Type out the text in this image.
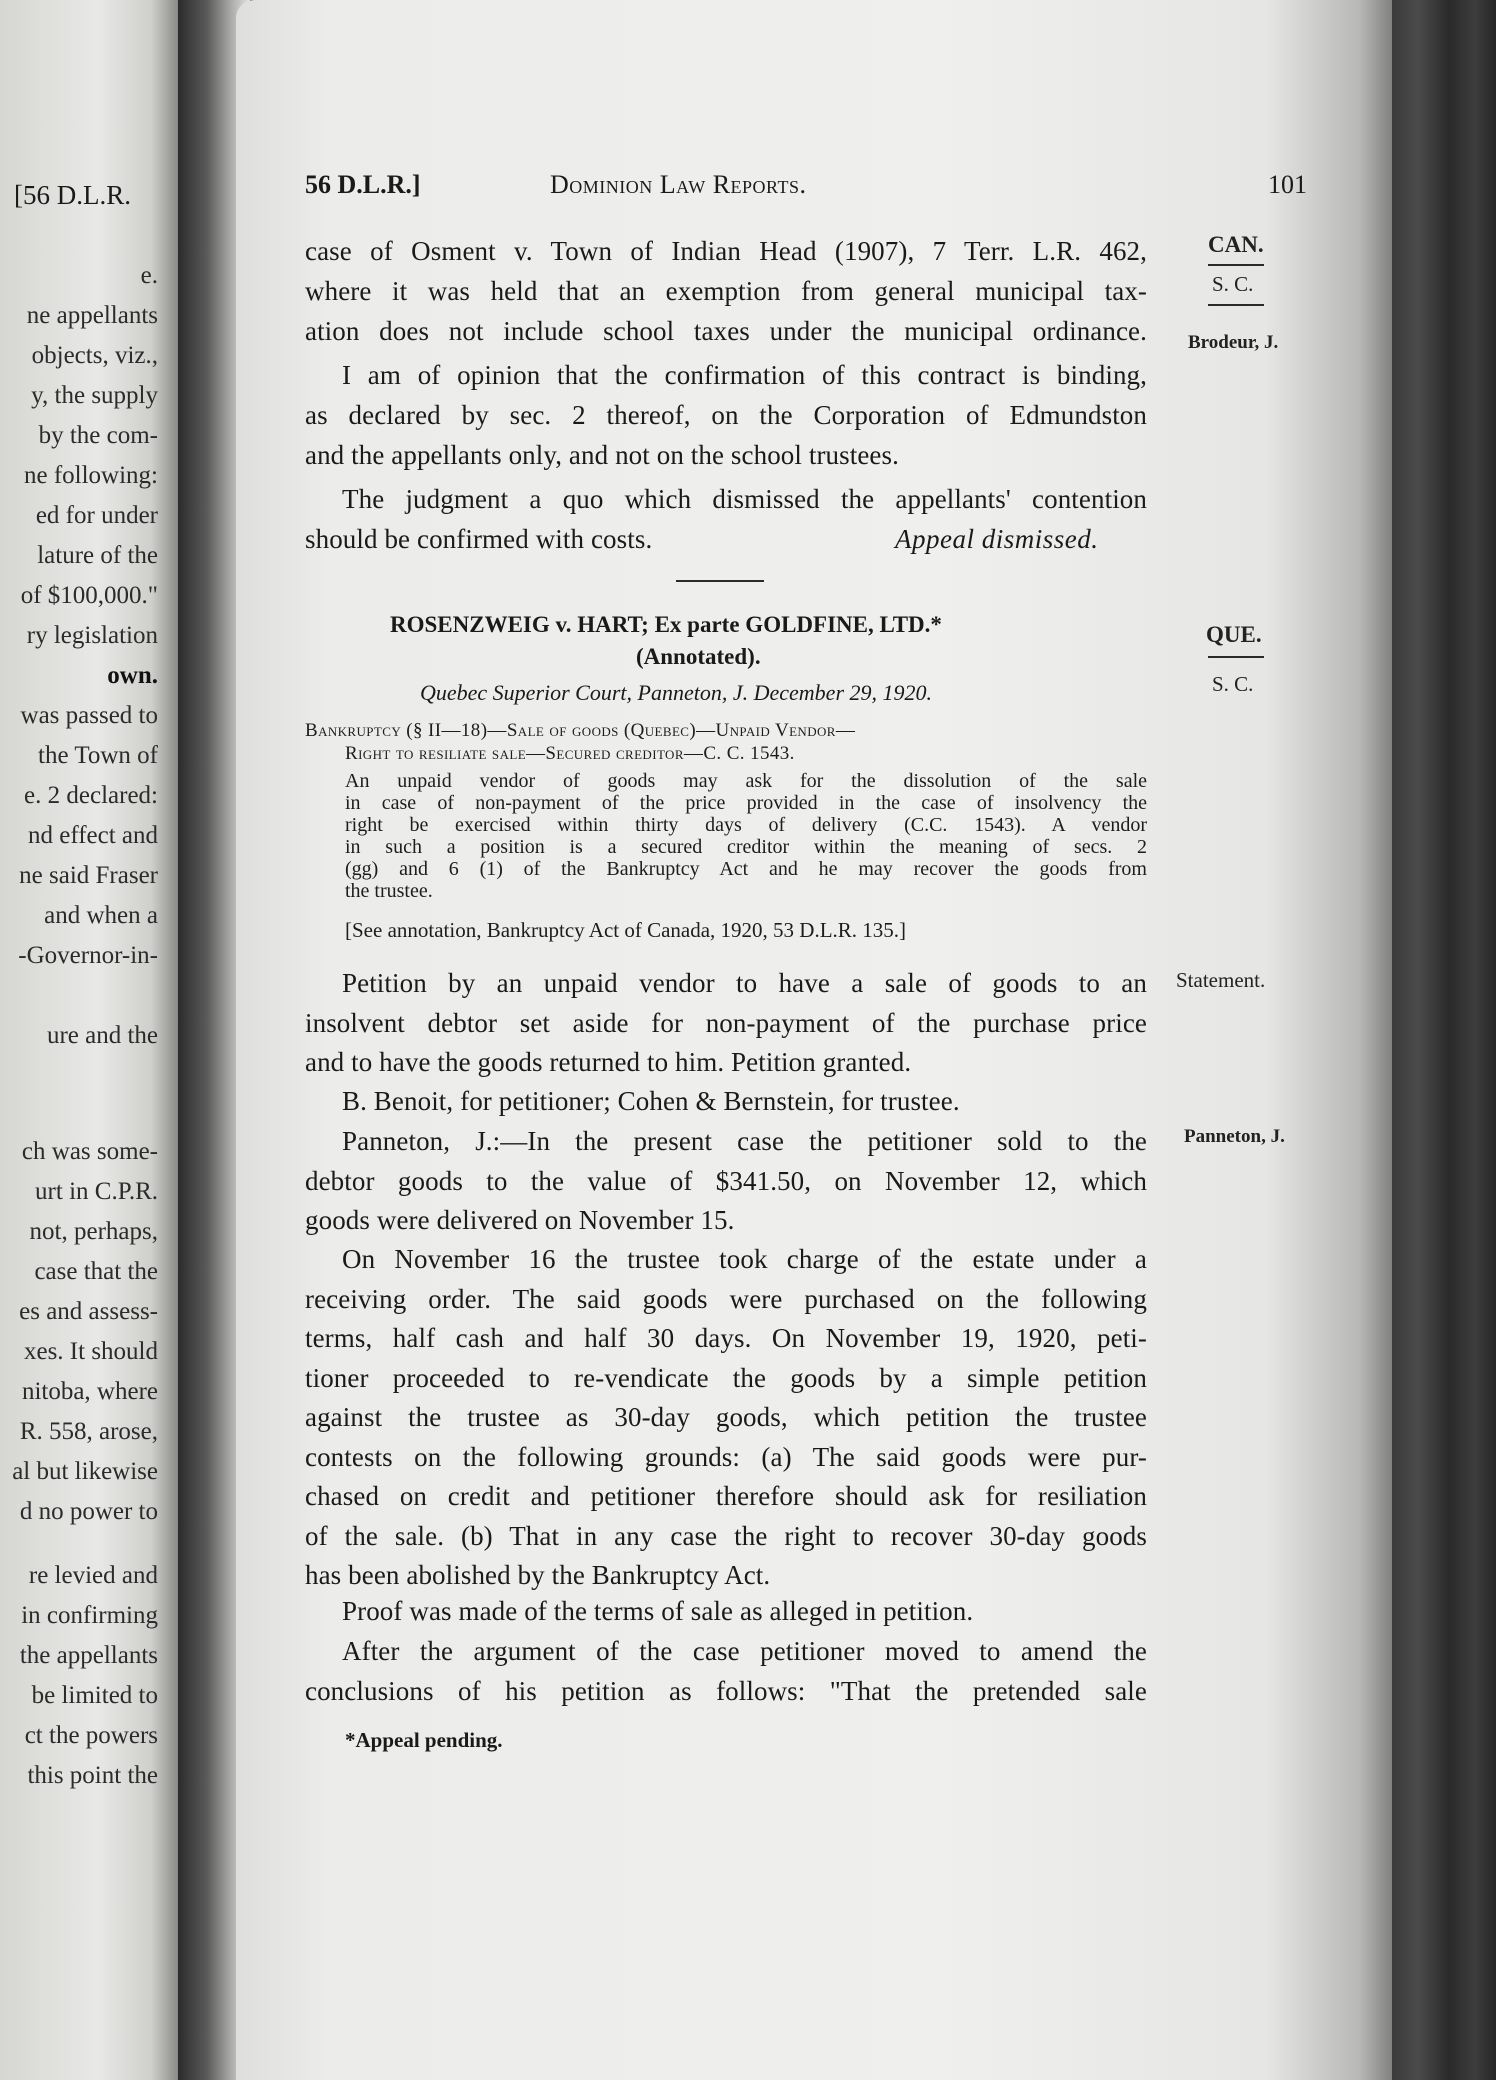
[56 D.L.R.
e.
ne appellants
objects, viz.,
y, the supply
by the com-
ne following:
ed for under
lature of the
of $100,000."
ry legislation
own.
was passed to
the Town of
e. 2 declared:
nd effect and
ne said Fraser
and when a
-Governor-in-
ure and the
ch was some-
urt in C.P.R.
not, perhaps,
case that the
es and assess-
xes. It should
nitoba, where
R. 558, arose,
al but likewise
d no power to
re levied and
in confirming
the appellants
be limited to
ct the powers
this point the
56 D.L.R.]	Dominion Law Reports.	101
CAN.
S. C.
Brodeur, J.
QUE.
S. C.
Statement.
Panneton, J.
case of Osment v. Town of Indian Head (1907), 7 Terr. L.R. 462,
where it was held that an exemption from general municipal tax-
ation does not include school taxes under the municipal ordinance.
I am of opinion that the confirmation of this contract is binding,
as declared by sec. 2 thereof, on the Corporation of Edmundston
and the appellants only, and not on the school trustees.
The judgment a quo which dismissed the appellants' contention
should be confirmed with costs.	Appeal dismissed.
ROSENZWEIG v. HART; Ex parte GOLDFINE, LTD.*
(Annotated).
Quebec Superior Court, Panneton, J. December 29, 1920.
Bankruptcy (§ II—18)—Sale of goods (Quebec)—Unpaid Vendor—
Right to resiliate sale—Secured creditor—C. C. 1543.
An unpaid vendor of goods may ask for the dissolution of the sale
in case of non-payment of the price provided in the case of insolvency the
right be exercised within thirty days of delivery (C.C. 1543). A vendor
in such a position is a secured creditor within the meaning of secs. 2
(gg) and 6 (1) of the Bankruptcy Act and he may recover the goods from
the trustee.
[See annotation, Bankruptcy Act of Canada, 1920, 53 D.L.R. 135.]
Petition by an unpaid vendor to have a sale of goods to an
insolvent debtor set aside for non-payment of the purchase price
and to have the goods returned to him. Petition granted.
B. Benoit, for petitioner; Cohen & Bernstein, for trustee.
Panneton, J.:—In the present case the petitioner sold to the
debtor goods to the value of $341.50, on November 12, which
goods were delivered on November 15.
On November 16 the trustee took charge of the estate under a
receiving order. The said goods were purchased on the following
terms, half cash and half 30 days. On November 19, 1920, peti-
tioner proceeded to re-vendicate the goods by a simple petition
against the trustee as 30-day goods, which petition the trustee
contests on the following grounds: (a) The said goods were pur-
chased on credit and petitioner therefore should ask for resiliation
of the sale. (b) That in any case the right to recover 30-day goods
has been abolished by the Bankruptcy Act.
Proof was made of the terms of sale as alleged in petition.
After the argument of the case petitioner moved to amend the
conclusions of his petition as follows: "That the pretended sale
*Appeal pending.
